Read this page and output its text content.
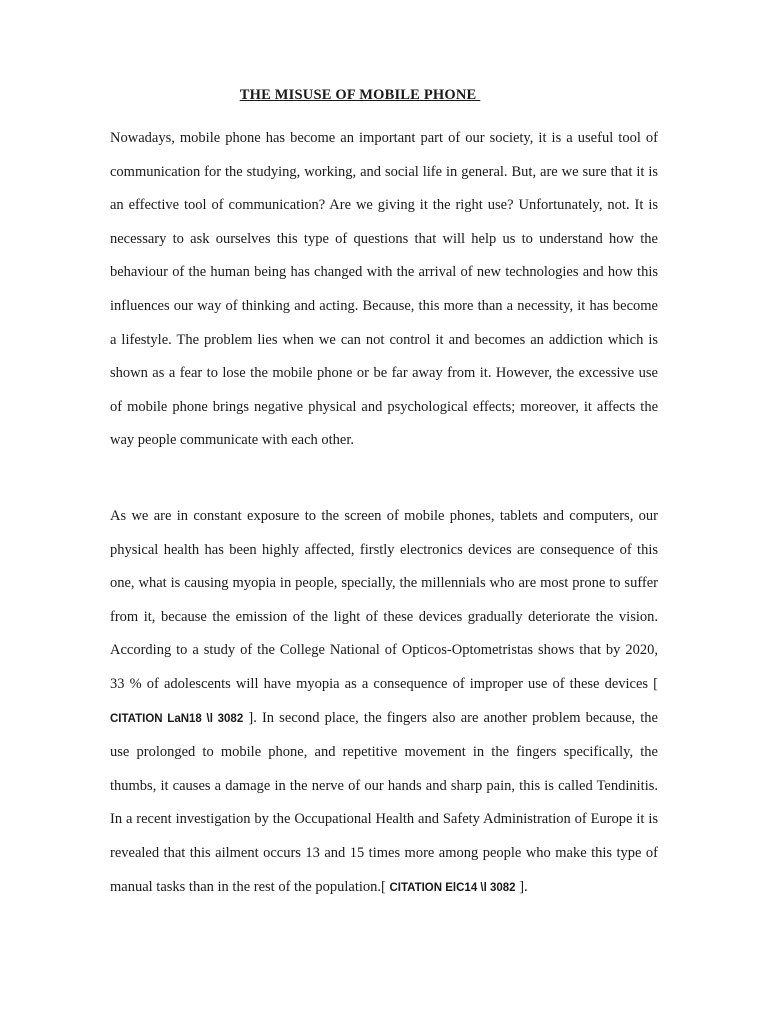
THE MISUSE OF MOBILE PHONE

Nowadays, mobile phone has become an important part of our society, it is a useful tool of communication for the studying, working, and social life in general. But, are we sure that it is an effective tool of communication? Are we giving it the right use? Unfortunately, not. It is necessary to ask ourselves this type of questions that will help us to understand how the behaviour of the human being has changed with the arrival of new technologies and how this influences our way of thinking and acting. Because, this more than a necessity, it has become a lifestyle. The problem lies when we can not control it and becomes an addiction which is shown as a fear to lose the mobile phone or be far away from it. However, the excessive use of mobile phone brings negative physical and psychological effects; moreover, it affects the way people communicate with each other.

As we are in constant exposure to the screen of mobile phones, tablets and computers, our physical health has been highly affected, firstly electronics devices are consequence of this one, what is causing myopia in people, specially, the millennials who are most prone to suffer from it, because the emission of the light of these devices gradually deteriorate the vision. According to a study of the College National of Opticos-Optometristas shows that by 2020, 33 % of adolescents will have myopia as a consequence of improper use of these devices [ CITATION LaN18 \l 3082 ]. In second place, the fingers also are another problem because, the use prolonged to mobile phone, and repetitive movement in the fingers specifically, the thumbs, it causes a damage in the nerve of our hands and sharp pain, this is called Tendinitis. In a recent investigation by the Occupational Health and Safety Administration of Europe it is revealed that this ailment occurs 13 and 15 times more among people who make this type of manual tasks than in the rest of the population.[ CITATION ElC14 \l 3082 ].
